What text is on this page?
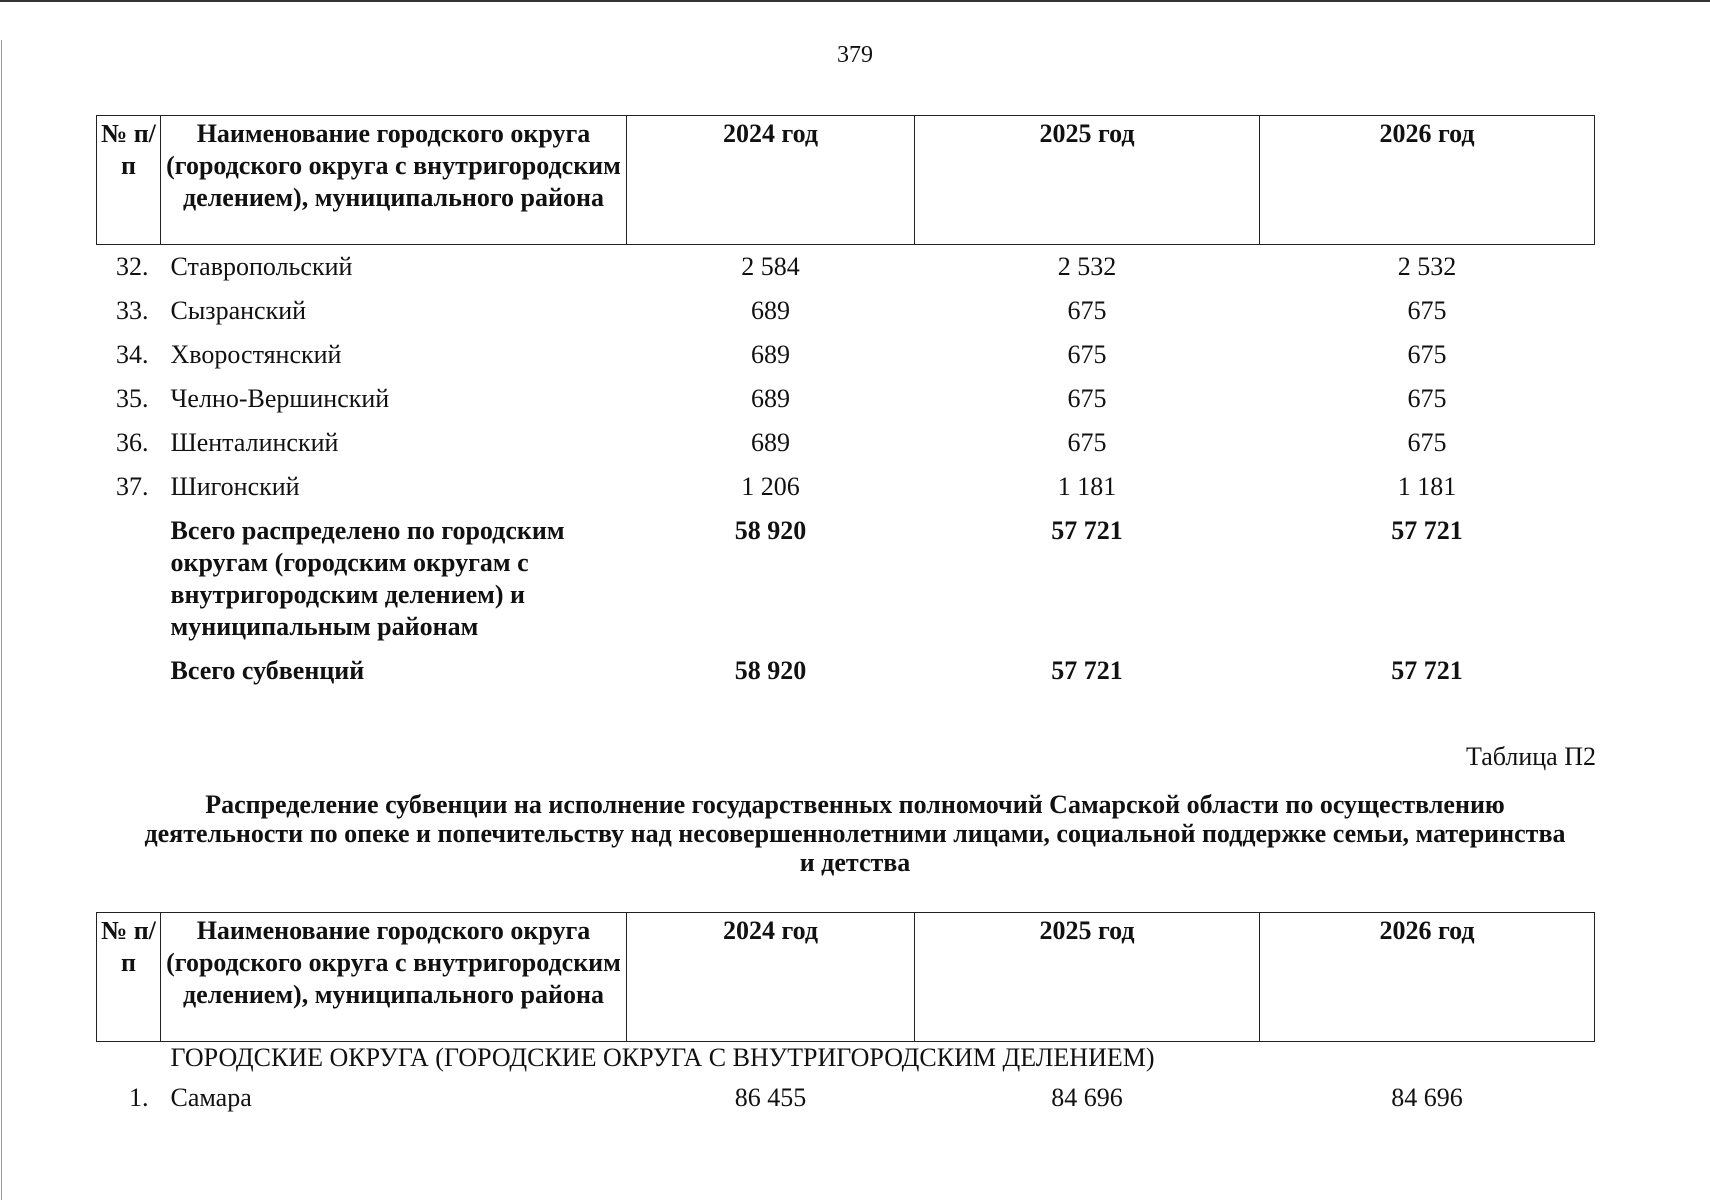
379
№ п/п	Наименование городского округа (городского округа с внутригородским делением), муниципального района	2024 год	2025 год	2026 год
32.	Ставропольский	2 584	2 532	2 532
33.	Сызранский	689	675	675
34.	Хворостянский	689	675	675
35.	Челно-Вершинский	689	675	675
36.	Шенталинский	689	675	675
37.	Шигонский	1 206	1 181	1 181
	Всего распределено по городским округам (городским округам с внутригородским делением) и муниципальным районам	58 920	57 721	57 721
	Всего субвенций	58 920	57 721	57 721
Таблица П2
Распределение субвенции на исполнение государственных полномочий Самарской области по осуществлению деятельности по опеке и попечительству над несовершеннолетними лицами, социальной поддержке семьи, материнства и детства
№ п/п	Наименование городского округа (городского округа с внутригородским делением), муниципального района	2024 год	2025 год	2026 год
	ГОРОДСКИЕ ОКРУГА (ГОРОДСКИЕ ОКРУГА С ВНУТРИГОРОДСКИМ ДЕЛЕНИЕМ)			
1.	Самара	86 455	84 696	84 696
